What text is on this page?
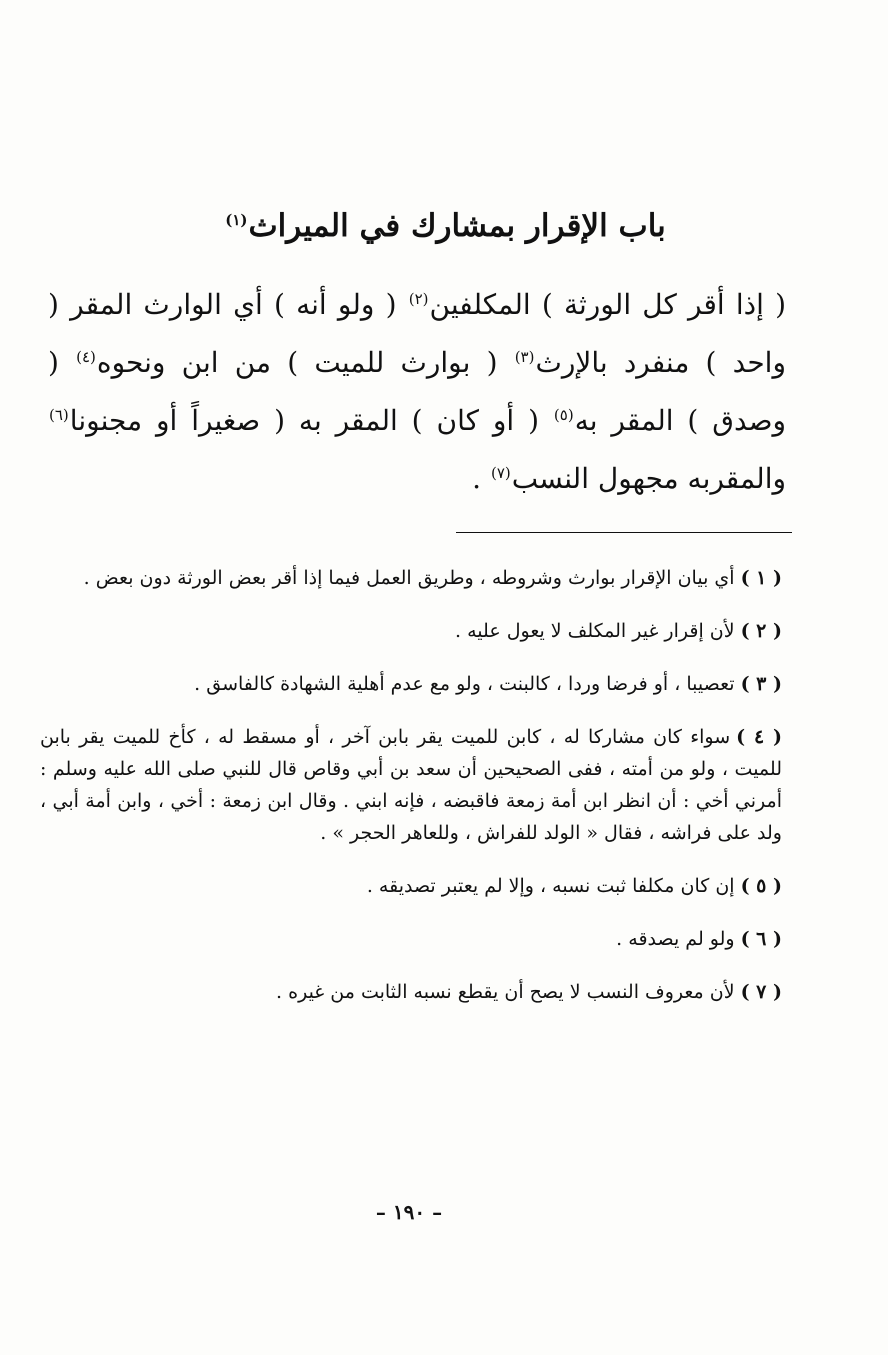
باب الإقرار بمشارك في الميراث$^{(١)}$
( إذا أقر كل الورثة ) المكلفين$^{(٢)}$ ( ولو أنه ) أي الوارث المقر ( واحد ) منفرد بالإرث$^{(٣)}$ ( بوارث للميت ) من ابن ونحوه$^{(٤)}$ ( وصدق ) المقر به$^{(٥)}$ ( أو كان ) المقر به ( صغيراً أو مجنونا$^{(٦)}$ والمقربه مجهول النسب$^{(٧)}$ .

( ١ )أي بيان الإقرار بوارث وشروطه ، وطريق العمل فيما إذا أقر بعض الورثة دون بعض .

( ٢ )لأن إقرار غير المكلف لا يعول عليه .

( ٣ )تعصيبا ، أو فرضا وردا ، كالبنت ، ولو مع عدم أهلية الشهادة كالفاسق .

( ٤ )سواء كان مشاركا له ، كابن للميت يقر بابن آخر ، أو مسقط له ، كأخ للميت يقر بابن للميت ، ولو من أمته ، ففى الصحيحين أن سعد بن أبي وقاص قال للنبي صلى الله عليه وسلم : أمرني أخي : أن انظر ابن أمة زمعة فاقبضه ، فإنه ابني . وقال ابن زمعة : أخي ، وابن أمة أبي ، ولد على فراشه ، فقال « الولد للفراش ، وللعاهر الحجر » .

( ٥ )إن كان مكلفا ثبت نسبه ، وإلا لم يعتبر تصديقه .

( ٦ )ولو لم يصدقه .

( ٧ )لأن معروف النسب لا يصح أن يقطع نسبه الثابت من غيره .

– ١٩٠ –
